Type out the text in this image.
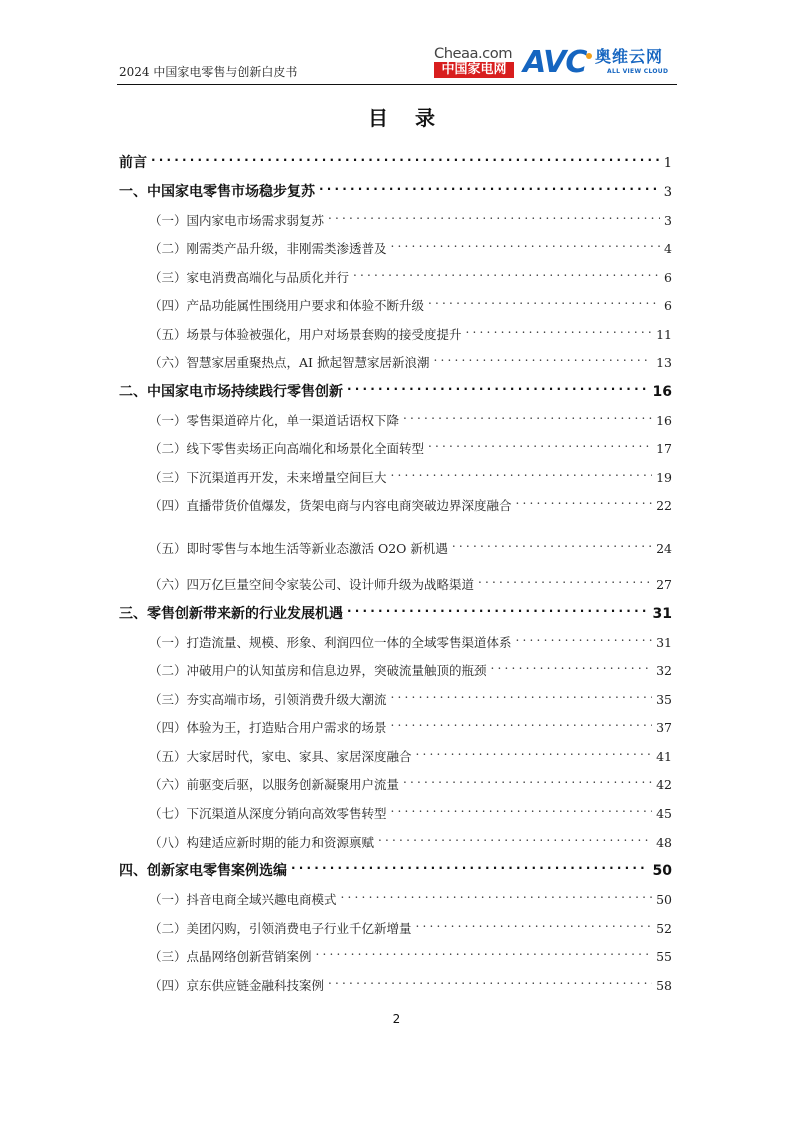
2024 中国家电零售与创新白皮书
Cheaa.com
中国家电网 AVC 奥维云网
ALL VIEW CLOUD
目 录
前言 .....	1
一、中国家电零售市场稳步复苏 .....	3
（一）国内家电市场需求弱复苏 .....	3
（二）刚需类产品升级，非刚需类渗透普及 .....	4
（三）家电消费高端化与品质化并行 .....	6
（四）产品功能属性围绕用户要求和体验不断升级 .....	6
（五）场景与体验被强化，用户对场景套购的接受度提升 .....	11
（六）智慧家居重聚热点，AI 掀起智慧家居新浪潮 .....	13
二、中国家电市场持续践行零售创新 .....	16
（一）零售渠道碎片化，单一渠道话语权下降 .....	16
（二）线下零售卖场正向高端化和场景化全面转型 .....	17
（三）下沉渠道再开发，未来增量空间巨大 .....	19
（四）直播带货价值爆发，货架电商与内容电商突破边界深度融合 .....	22
（五）即时零售与本地生活等新业态激活 O2O 新机遇 .....	24
（六）四万亿巨量空间令家装公司、设计师升级为战略渠道 .....	27
三、零售创新带来新的行业发展机遇 .....	31
（一）打造流量、规模、形象、利润四位一体的全域零售渠道体系 .....	31
（二）冲破用户的认知茧房和信息边界，突破流量触顶的瓶颈 .....	32
（三）夯实高端市场，引领消费升级大潮流 .....	35
（四）体验为王，打造贴合用户需求的场景 .....	37
（五）大家居时代，家电、家具、家居深度融合 .....	41
（六）前驱变后驱，以服务创新凝聚用户流量 .....	42
（七）下沉渠道从深度分销向高效零售转型 .....	45
（八）构建适应新时期的能力和资源禀赋 .....	48
四、创新家电零售案例选编 .....	50
（一）抖音电商全域兴趣电商模式 .....	50
（二）美团闪购，引领消费电子行业千亿新增量 .....	52
（三）点晶网络创新营销案例 .....	55
（四）京东供应链金融科技案例 .....	58
2
